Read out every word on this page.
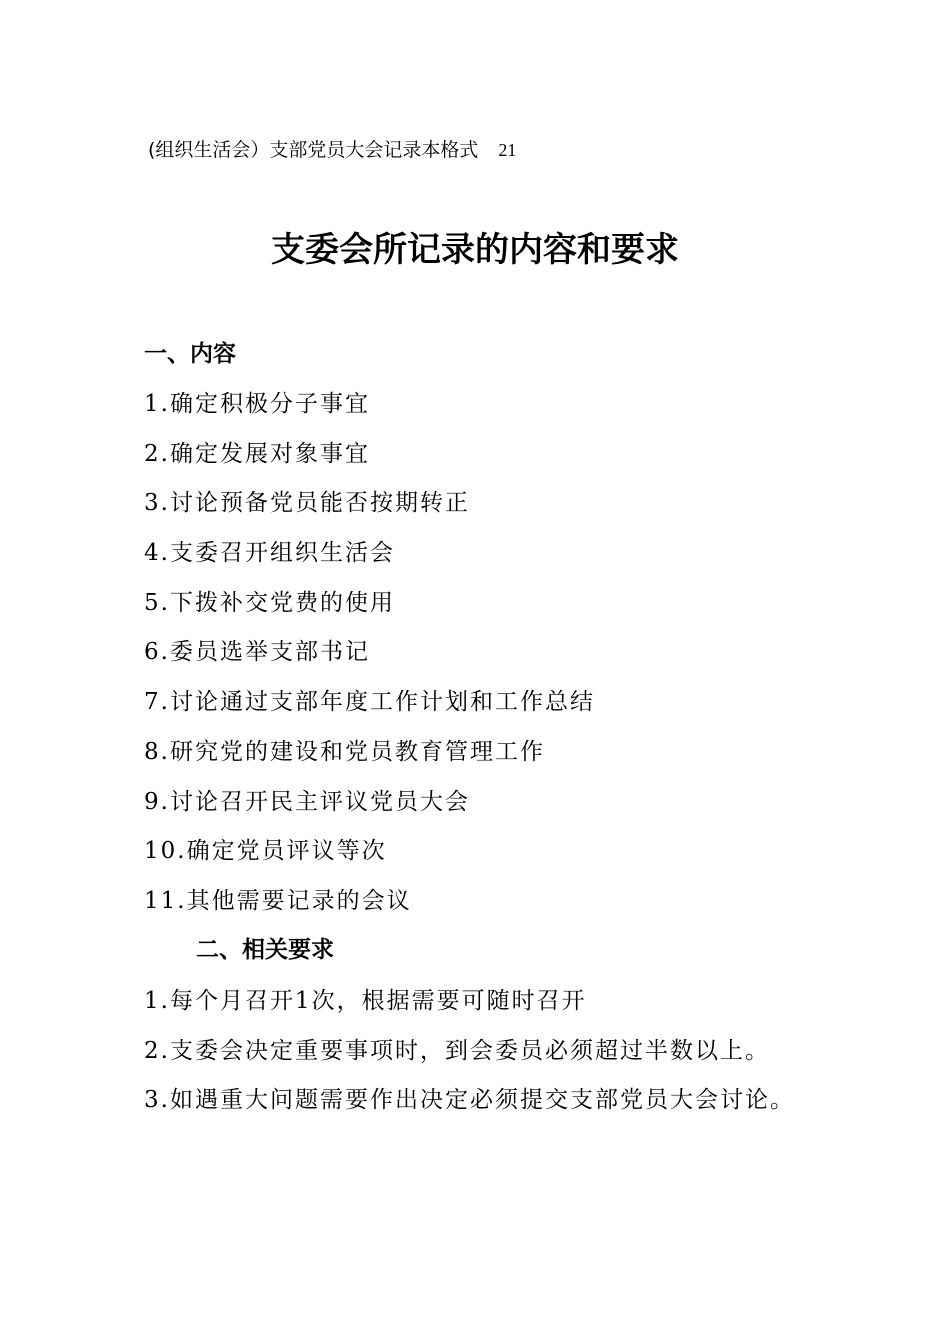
(组织生活会）支部党员大会记录本格式 21
支委会所记录的内容和要求
一、内容
1.确定积极分子事宜
2.确定发展对象事宜
3.讨论预备党员能否按期转正
4.支委召开组织生活会
5.下拨补交党费的使用
6.委员选举支部书记
7.讨论通过支部年度工作计划和工作总结
8.研究党的建设和党员教育管理工作
9.讨论召开民主评议党员大会
10.确定党员评议等次
11.其他需要记录的会议
二、相关要求
1.每个月召开1次，根据需要可随时召开
2.支委会决定重要事项时，到会委员必须超过半数以上。
3.如遇重大问题需要作出决定必须提交支部党员大会讨论。
